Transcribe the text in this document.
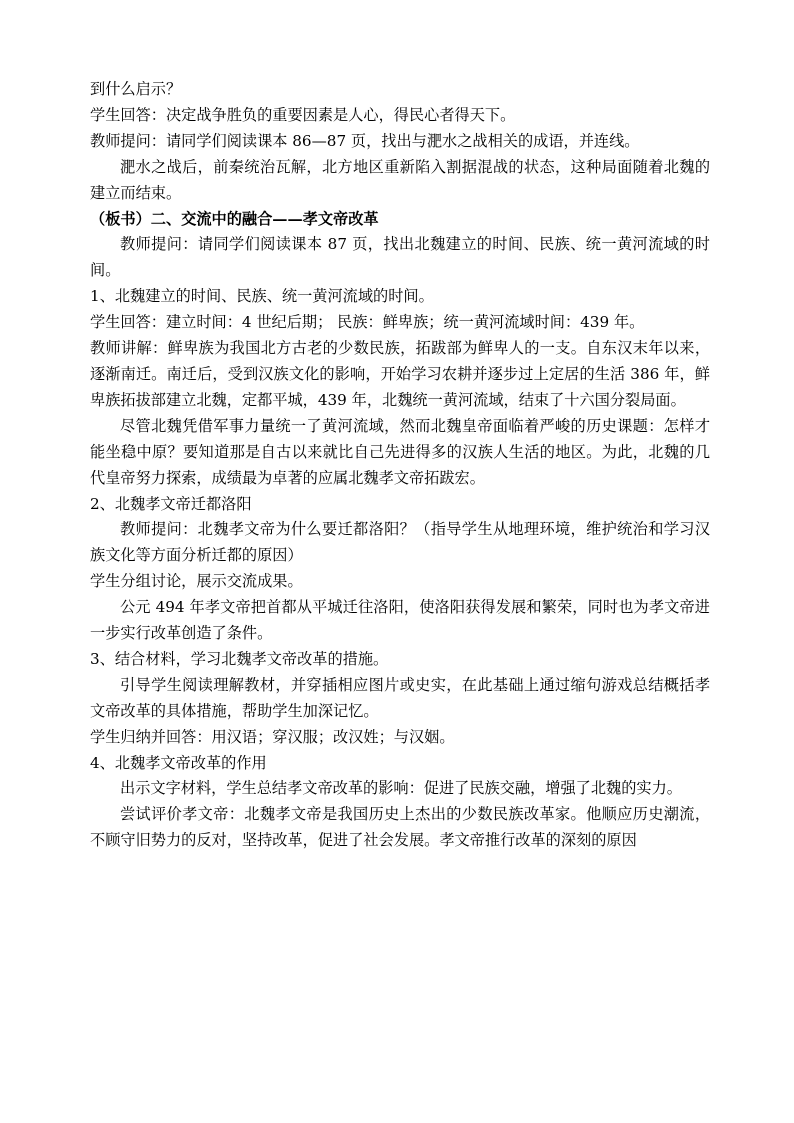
到什么启示？

学生回答：决定战争胜负的重要因素是人心，得民心者得天下。

教师提问：请同学们阅读课本 86—87 页，找出与淝水之战相关的成语，并连线。

淝水之战后，前秦统治瓦解，北方地区重新陷入割据混战的状态，这种局面随着北魏的建立而结束。

（板书）二、交流中的融合——孝文帝改革

教师提问：请同学们阅读课本 87 页，找出北魏建立的时间、民族、统一黄河流域的时间。

1、北魏建立的时间、民族、统一黄河流域的时间。

学生回答：建立时间：4 世纪后期； 民族：鲜卑族；统一黄河流域时间：439 年。

教师讲解：鲜卑族为我国北方古老的少数民族，拓跋部为鲜卑人的一支。自东汉末年以来，逐渐南迁。南迁后，受到汉族文化的影响，开始学习农耕并逐步过上定居的生活 386 年，鲜卑族拓拔部建立北魏，定都平城，439 年，北魏统一黄河流域，结束了十六国分裂局面。

尽管北魏凭借军事力量统一了黄河流域，然而北魏皇帝面临着严峻的历史课题：怎样才能坐稳中原？要知道那是自古以来就比自己先进得多的汉族人生活的地区。为此，北魏的几代皇帝努力探索，成绩最为卓著的应属北魏孝文帝拓跋宏。

2、北魏孝文帝迁都洛阳

教师提问：北魏孝文帝为什么要迁都洛阳？（指导学生从地理环境，维护统治和学习汉族文化等方面分析迁都的原因）

学生分组讨论，展示交流成果。

公元 494 年孝文帝把首都从平城迁往洛阳，使洛阳获得发展和繁荣，同时也为孝文帝进一步实行改革创造了条件。

3、结合材料，学习北魏孝文帝改革的措施。

引导学生阅读理解教材，并穿插相应图片或史实，在此基础上通过缩句游戏总结概括孝文帝改革的具体措施，帮助学生加深记忆。

学生归纳并回答：用汉语；穿汉服；改汉姓；与汉姻。

4、北魏孝文帝改革的作用

出示文字材料，学生总结孝文帝改革的影响：促进了民族交融，增强了北魏的实力。

尝试评价孝文帝：北魏孝文帝是我国历史上杰出的少数民族改革家。他顺应历史潮流，不顾守旧势力的反对，坚持改革，促进了社会发展。孝文帝推行改革的深刻的原因
